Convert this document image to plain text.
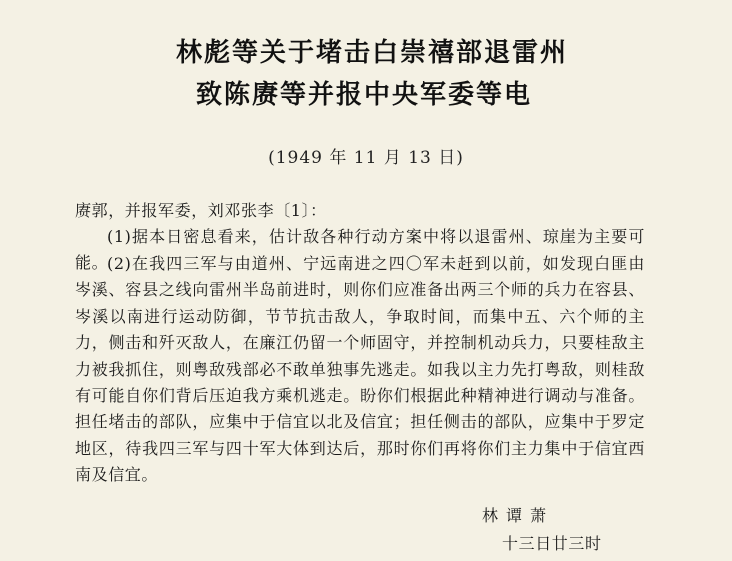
林彪等关于堵击白崇禧部退雷州
致陈赓等并报中央军委等电
(1949 年 11 月 13 日)
赓郭，并报军委，刘邓张李〔1〕：

(1)据本日密息看来，估计敌各种行动方案中将以退雷州、琼崖为主要可能。

(2)在我四三军与由道州、宁远南进之四〇军未赶到以前，如发现白匪由岑溪、容县之线向雷州半岛前进时，则你们应准备出两三个师的兵力在容县、岑溪以南进行运动防御，节节抗击敌人，争取时间，而集中五、六个师的主力，侧击和歼灭敌人，在廉江仍留一个师固守，并控制机动兵力，只要桂敌主力被我抓住，则粤敌残部必不敢单独事先逃走。如我以主力先打粤敌，则桂敌有可能自你们背后压迫我方乘机逃走。盼你们根据此种精神进行调动与准备。担任堵击的部队，应集中于信宜以北及信宜；担任侧击的部队，应集中于罗定地区，待我四三军与四十军大体到达后，那时你们再将你们主力集中于信宜西南及信宜。

林谭萧
十三日廿三时
